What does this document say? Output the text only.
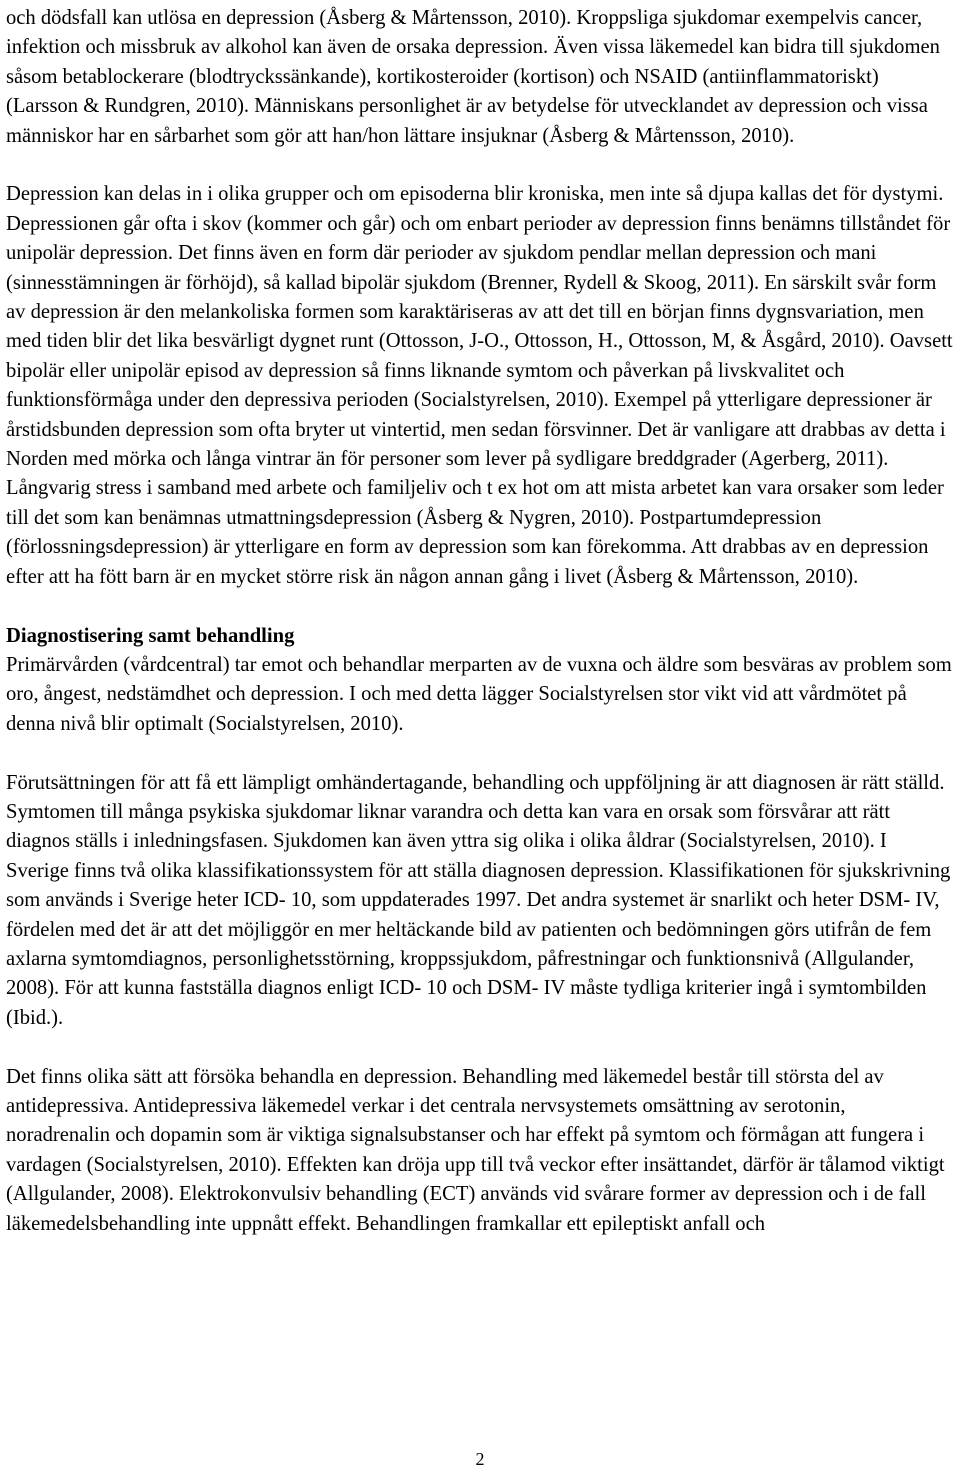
och dödsfall kan utlösa en depression (Åsberg & Mårtensson, 2010). Kroppsliga sjukdomar exempelvis cancer, infektion och missbruk av alkohol kan även de orsaka depression. Även vissa läkemedel kan bidra till sjukdomen såsom betablockerare (blodtryckssänkande), kortikosteroider (kortison) och NSAID (antiinflammatoriskt) (Larsson & Rundgren, 2010). Människans personlighet är av betydelse för utvecklandet av depression och vissa människor har en sårbarhet som gör att han/hon lättare insjuknar (Åsberg & Mårtensson, 2010).

Depression kan delas in i olika grupper och om episoderna blir kroniska, men inte så djupa kallas det för dystymi. Depressionen går ofta i skov (kommer och går) och om enbart perioder av depression finns benämns tillståndet för unipolär depression. Det finns även en form där perioder av sjukdom pendlar mellan depression och mani (sinnesstämningen är förhöjd), så kallad bipolär sjukdom (Brenner, Rydell & Skoog, 2011). En särskilt svår form av depression är den melankoliska formen som karaktäriseras av att det till en början finns dygnsvariation, men med tiden blir det lika besvärligt dygnet runt (Ottosson, J-O., Ottosson, H., Ottosson, M, & Åsgård, 2010). Oavsett bipolär eller unipolär episod av depression så finns liknande symtom och påverkan på livskvalitet och funktionsförmåga under den depressiva perioden (Socialstyrelsen, 2010). Exempel på ytterligare depressioner är årstidsbunden depression som ofta bryter ut vintertid, men sedan försvinner. Det är vanligare att drabbas av detta i Norden med mörka och långa vintrar än för personer som lever på sydligare breddgrader (Agerberg, 2011). Långvarig stress i samband med arbete och familjeliv och t ex hot om att mista arbetet kan vara orsaker som leder till det som kan benämnas utmattningsdepression (Åsberg & Nygren, 2010). Postpartumdepression (förlossningsdepression) är ytterligare en form av depression som kan förekomma. Att drabbas av en depression efter att ha fött barn är en mycket större risk än någon annan gång i livet (Åsberg & Mårtensson, 2010).

Diagnostisering samt behandling

Primärvården (vårdcentral) tar emot och behandlar merparten av de vuxna och äldre som besväras av problem som oro, ångest, nedstämdhet och depression. I och med detta lägger Socialstyrelsen stor vikt vid att vårdmötet på denna nivå blir optimalt (Socialstyrelsen, 2010).

Förutsättningen för att få ett lämpligt omhändertagande, behandling och uppföljning är att diagnosen är rätt ställd. Symtomen till många psykiska sjukdomar liknar varandra och detta kan vara en orsak som försvårar att rätt diagnos ställs i inledningsfasen. Sjukdomen kan även yttra sig olika i olika åldrar (Socialstyrelsen, 2010). I Sverige finns två olika klassifikationssystem för att ställa diagnosen depression. Klassifikationen för sjukskrivning som används i Sverige heter ICD- 10, som uppdaterades 1997. Det andra systemet är snarlikt och heter DSM- IV, fördelen med det är att det möjliggör en mer heltäckande bild av patienten och bedömningen görs utifrån de fem axlarna symtomdiagnos, personlighetsstörning, kroppssjukdom, påfrestningar och funktionsnivå (Allgulander, 2008). För att kunna fastställa diagnos enligt ICD- 10 och DSM- IV måste tydliga kriterier ingå i symtombilden (Ibid.).

Det finns olika sätt att försöka behandla en depression. Behandling med läkemedel består till största del av antidepressiva. Antidepressiva läkemedel verkar i det centrala nervsystemets omsättning av serotonin, noradrenalin och dopamin som är viktiga signalsubstanser och har effekt på symtom och förmågan att fungera i vardagen (Socialstyrelsen, 2010). Effekten kan dröja upp till två veckor efter insättandet, därför är tålamod viktigt (Allgulander, 2008). Elektrokonvulsiv behandling (ECT) används vid svårare former av depression och i de fall läkemedelsbehandling inte uppnått effekt. Behandlingen framkallar ett epileptiskt anfall och

2
